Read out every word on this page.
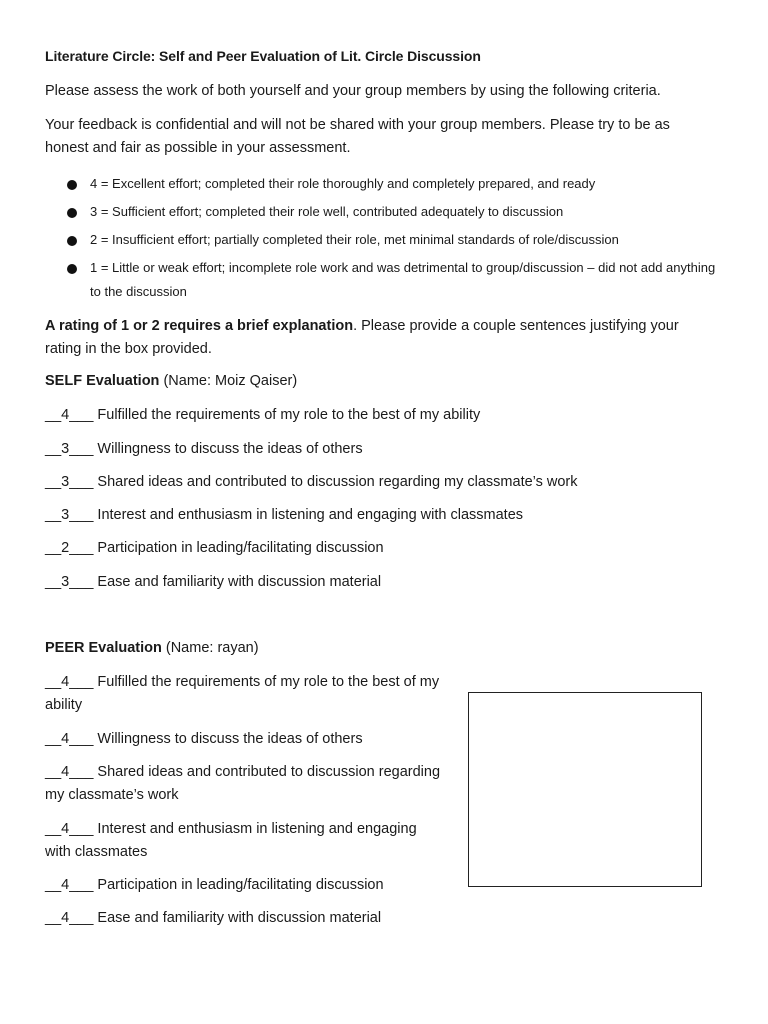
Literature Circle: Self and Peer Evaluation of Lit. Circle Discussion
Please assess the work of both yourself and your group members by using the following criteria.
Your feedback is confidential and will not be shared with your group members. Please try to be as honest and fair as possible in your assessment.
4 = Excellent effort; completed their role thoroughly and completely prepared, and ready
3 = Sufficient effort; completed their role well, contributed adequately to discussion
2 = Insufficient effort; partially completed their role, met minimal standards of role/discussion
1 = Little or weak effort; incomplete role work and was detrimental to group/discussion – did not add anything to the discussion
A rating of 1 or 2 requires a brief explanation. Please provide a couple sentences justifying your rating in the box provided.
SELF Evaluation (Name: Moiz Qaiser)
__4___ Fulfilled the requirements of my role to the best of my ability
__3___ Willingness to discuss the ideas of others
__3___ Shared ideas and contributed to discussion regarding my classmate’s work
__3___ Interest and enthusiasm in listening and engaging with classmates
__2___ Participation in leading/facilitating discussion
__3___ Ease and familiarity with discussion material
PEER Evaluation (Name: rayan)
__4___ Fulfilled the requirements of my role to the best of my ability
__4___ Willingness to discuss the ideas of others
__4___ Shared ideas and contributed to discussion regarding my classmate’s work
__4___ Interest and enthusiasm in listening and engaging with classmates
__4___ Participation in leading/facilitating discussion
__4___ Ease and familiarity with discussion material
